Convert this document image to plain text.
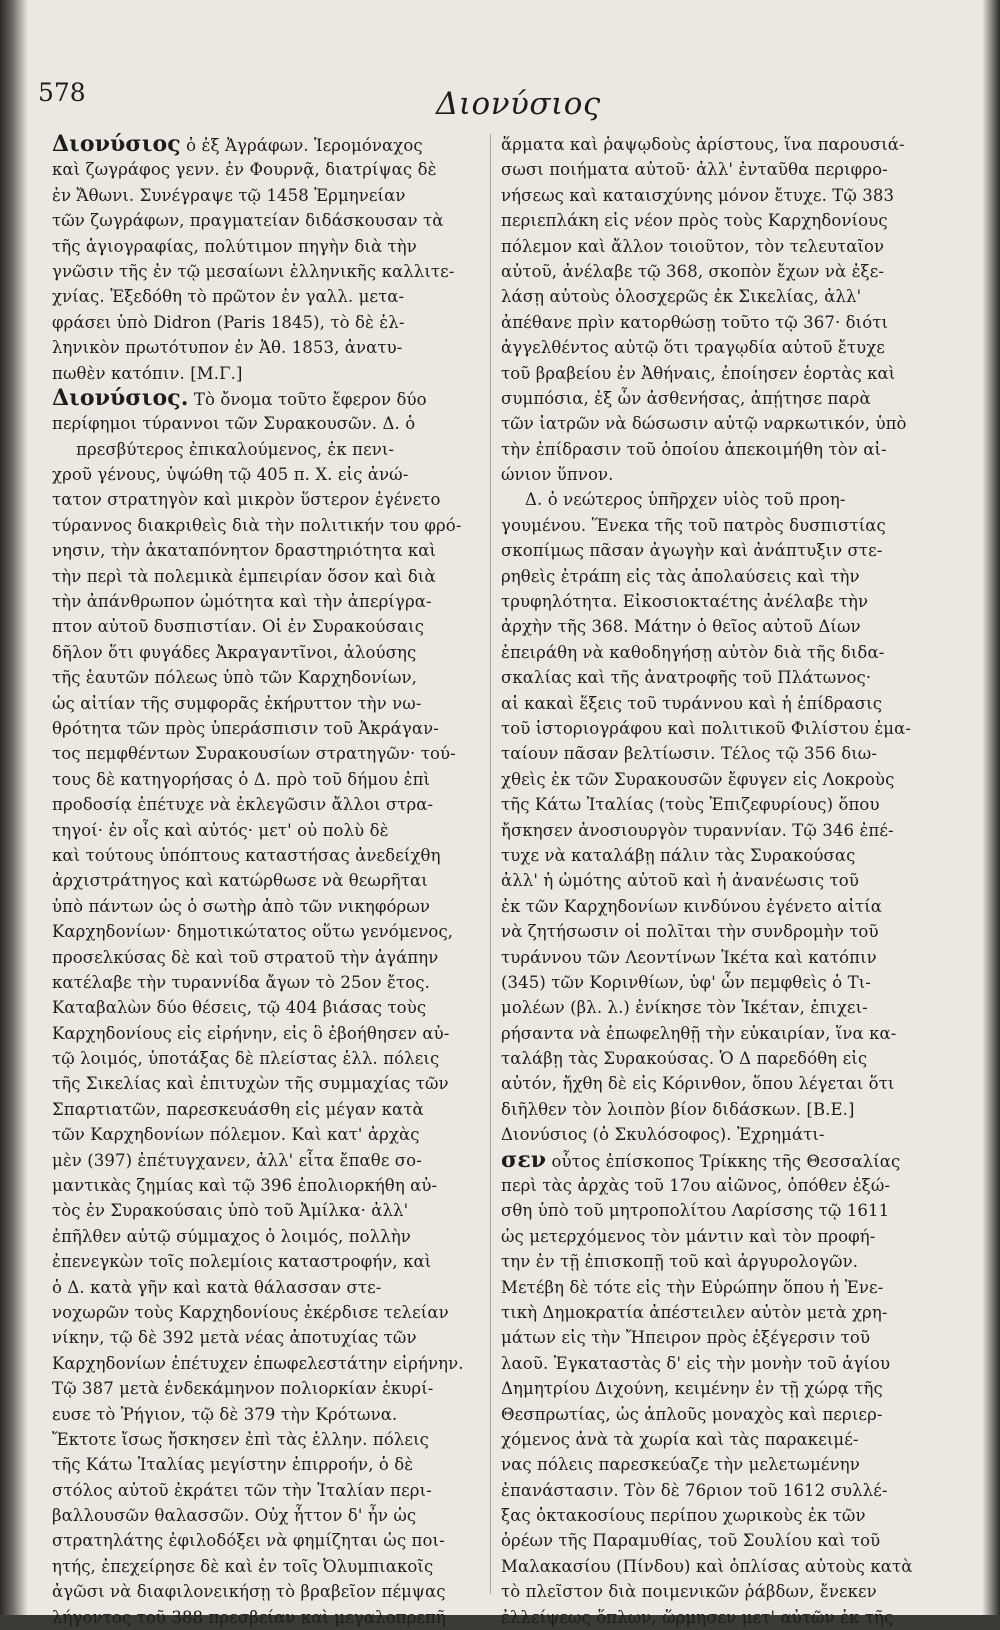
578	Διονύσιος
Διονύσιος ὁ ἐξ Ἀγράφων. Ἱερομόναχος
καὶ ζωγράφος γενν. ἐν Φουρνᾷ, διατρίψας δὲ
ἐν Ἄθωνι. Συνέγραψε τῷ 1458 Ἑρμηνείαν
τῶν ζωγράφων, πραγματείαν διδάσκουσαν τὰ
τῆς ἁγιογραφίας, πολύτιμον πηγὴν διὰ τὴν
γνῶσιν τῆς ἐν τῷ μεσαίωνι ἑλληνικῆς καλλιτε-
χνίας. Ἐξεδόθη τὸ πρῶτον ἐν γαλλ. μετα-
φράσει ὑπὸ Didron (Paris 1845), τὸ δὲ ἑλ-
ληνικὸν πρωτότυπον ἐν Ἀθ. 1853, ἀνατυ-
πωθὲν κατόπιν. [Μ.Γ.]
Διονύσιος. Τὸ ὄνομα τοῦτο ἔφερον δύο
περίφημοι τύραννοι τῶν Συρακουσῶν. Δ. ὁ
πρεσβύτερος ἐπικαλούμενος, ἐκ πενι-
χροῦ γένους, ὑψώθη τῷ 405 π. Χ. εἰς ἀνώ-
τατον στρατηγὸν καὶ μικρὸν ὕστερον ἐγένετο
τύραννος διακριθεὶς διὰ τὴν πολιτικήν του φρό-
νησιν, τὴν ἀκαταπόνητον δραστηριότητα καὶ
τὴν περὶ τὰ πολεμικὰ ἐμπειρίαν ὅσον καὶ διὰ
τὴν ἀπάνθρωπον ὠμότητα καὶ τὴν ἀπερίγρα-
πτον αὐτοῦ δυσπιστίαν. Οἱ ἐν Συρακούσαις
δῆλον ὅτι φυγάδες Ἀκραγαντῖνοι, ἀλούσης
τῆς ἑαυτῶν πόλεως ὑπὸ τῶν Καρχηδονίων,
ὡς αἰτίαν τῆς συμφορᾶς ἐκήρυττον τὴν νω-
θρότητα τῶν πρὸς ὑπεράσπισιν τοῦ Ἀκράγαν-
τος πεμφθέντων Συρακουσίων στρατηγῶν· τού-
τους δὲ κατηγορήσας ὁ Δ. πρὸ τοῦ δήμου ἐπὶ
προδοσίᾳ ἐπέτυχε νὰ ἐκλεγῶσιν ἄλλοι στρα-
τηγοί· ἐν οἷς καὶ αὐτός· μετ' οὐ πολὺ δὲ
καὶ τούτους ὑπόπτους καταστήσας ἀνεδείχθη
ἀρχιστράτηγος καὶ κατώρθωσε νὰ θεωρῆται
ὑπὸ πάντων ὡς ὁ σωτὴρ ἀπὸ τῶν νικηφόρων
Καρχηδονίων· δημοτικώτατος οὕτω γενόμενος,
προσελκύσας δὲ καὶ τοῦ στρατοῦ τὴν ἀγάπην
κατέλαβε τὴν τυραννίδα ἄγων τὸ 25ον ἔτος.
Καταβαλὼν δύο θέσεις, τῷ 404 βιάσας τοὺς
Καρχηδονίους εἰς εἰρήνην, εἰς ὃ ἐβοήθησεν αὐ-
τῷ λοιμός, ὑποτάξας δὲ πλείστας ἑλλ. πόλεις
τῆς Σικελίας καὶ ἐπιτυχὼν τῆς συμμαχίας τῶν
Σπαρτιατῶν, παρεσκευάσθη εἰς μέγαν κατὰ
τῶν Καρχηδονίων πόλεμον. Καὶ κατ' ἀρχὰς
μὲν (397) ἐπέτυγχανεν, ἀλλ' εἶτα ἔπαθε σο-
μαντικὰς ζημίας καὶ τῷ 396 ἐπολιορκήθη αὐ-
τὸς ἐν Συρακούσαις ὑπὸ τοῦ Ἀμίλκα· ἀλλ'
ἐπῆλθεν αὐτῷ σύμμαχος ὁ λοιμός, πολλὴν
ἐπενεγκὼν τοῖς πολεμίοις καταστροφήν, καὶ
ὁ Δ. κατὰ γῆν καὶ κατὰ θάλασσαν στε-
νοχωρῶν τοὺς Καρχηδονίους ἐκέρδισε τελείαν
νίκην, τῷ δὲ 392 μετὰ νέας ἀποτυχίας τῶν
Καρχηδονίων ἐπέτυχεν ἐπωφελεστάτην εἰρήνην.
Τῷ 387 μετὰ ἐνδεκάμηνον πολιορκίαν ἐκυρί-
ευσε τὸ Ῥήγιον, τῷ δὲ 379 τὴν Κρότωνα.
Ἔκτοτε ἴσως ἤσκησεν ἐπὶ τὰς ἑλλην. πόλεις
τῆς Κάτω Ἰταλίας μεγίστην ἐπιρροήν, ὁ δὲ
στόλος αὐτοῦ ἐκράτει τῶν τὴν Ἰταλίαν περι-
βαλλουσῶν θαλασσῶν. Οὐχ ἧττον δ' ἦν ὡς
στρατηλάτης ἐφιλοδόξει νὰ φημίζηται ὡς ποι-
ητής, ἐπεχείρησε δὲ καὶ ἐν τοῖς Ὀλυμπιακοῖς
ἀγῶσι νὰ διαφιλονεικήσῃ τὸ βραβεῖον πέμψας
λήγοντος τοῦ 388 πρεσβείαν καὶ μεγαλοπρεπῆ
ἅρματα καὶ ῥαψῳδοὺς ἀρίστους, ἵνα παρουσιά-
σωσι ποιήματα αὐτοῦ· ἀλλ' ἐνταῦθα περιφρο-
νήσεως καὶ καταισχύνης μόνον ἔτυχε. Τῷ 383
περιεπλάκη εἰς νέον πρὸς τοὺς Καρχηδονίους
πόλεμον καὶ ἄλλον τοιοῦτον, τὸν τελευταῖον
αὐτοῦ, ἀνέλαβε τῷ 368, σκοπὸν ἔχων νὰ ἐξε-
λάσῃ αὐτοὺς ὁλοσχερῶς ἐκ Σικελίας, ἀλλ'
ἀπέθανε πρὶν κατορθώσῃ τοῦτο τῷ 367· διότι
ἀγγελθέντος αὐτῷ ὅτι τραγῳδία αὐτοῦ ἔτυχε
τοῦ βραβείου ἐν Ἀθήναις, ἐποίησεν ἑορτὰς καὶ
συμπόσια, ἐξ ὧν ἀσθενήσας, ἀπῄτησε παρὰ
τῶν ἰατρῶν νὰ δώσωσιν αὐτῷ ναρκωτικόν, ὑπὸ
τὴν ἐπίδρασιν τοῦ ὁποίου ἀπεκοιμήθη τὸν αἰ-
ώνιον ὕπνον.
Δ. ὁ νεώτερος ὑπῆρχεν υἱὸς τοῦ προη-
γουμένου. Ἕνεκα τῆς τοῦ πατρὸς δυσπιστίας
σκοπίμως πᾶσαν ἀγωγὴν καὶ ἀνάπτυξιν στε-
ρηθεὶς ἐτράπη εἰς τὰς ἀπολαύσεις καὶ τὴν
τρυφηλότητα. Εἰκοσιοκταέτης ἀνέλαβε τὴν
ἀρχὴν τῆς 368. Μάτην ὁ θεῖος αὐτοῦ Δίων
ἐπειράθη νὰ καθοδηγήσῃ αὐτὸν διὰ τῆς διδα-
σκαλίας καὶ τῆς ἀνατροφῆς τοῦ Πλάτωνος·
αἱ κακαὶ ἕξεις τοῦ τυράννου καὶ ἡ ἐπίδρασις
τοῦ ἱστοριογράφου καὶ πολιτικοῦ Φιλίστου ἐμα-
ταίουν πᾶσαν βελτίωσιν. Τέλος τῷ 356 διω-
χθεὶς ἐκ τῶν Συρακουσῶν ἔφυγεν εἰς Λοκροὺς
τῆς Κάτω Ἰταλίας (τοὺς Ἐπιζεφυρίους) ὅπου
ἤσκησεν ἀνοσιουργὸν τυραννίαν. Τῷ 346 ἐπέ-
τυχε νὰ καταλάβῃ πάλιν τὰς Συρακούσας
ἀλλ' ἡ ὠμότης αὐτοῦ καὶ ἡ ἀνανέωσις τοῦ
ἐκ τῶν Καρχηδονίων κινδύνου ἐγένετο αἰτία
νὰ ζητήσωσιν οἱ πολῖται τὴν συνδρομὴν τοῦ
τυράννου τῶν Λεοντίνων Ἱκέτα καὶ κατόπιν
(345) τῶν Κορινθίων, ὑφ' ὧν πεμφθεὶς ὁ Τι-
μολέων (βλ. λ.) ἐνίκησε τὸν Ἱκέταν, ἐπιχει-
ρήσαντα νὰ ἐπωφεληθῇ τὴν εὐκαιρίαν, ἵνα κα-
ταλάβῃ τὰς Συρακούσας. Ὁ Δ παρεδόθη εἰς
αὐτόν, ἤχθη δὲ εἰς Κόρινθον, ὅπου λέγεται ὅτι
διῆλθεν τὸν λοιπὸν βίον διδάσκων. [Β.Ε.]
Διονύσιος (ὁ Σκυλόσοφος). Ἐχρημάτι-
σεν οὗτος ἐπίσκοπος Τρίκκης τῆς Θεσσαλίας
περὶ τὰς ἀρχὰς τοῦ 17ου αἰῶνος, ὁπόθεν ἐξώ-
σθη ὑπὸ τοῦ μητροπολίτου Λαρίσσης τῷ 1611
ὡς μετερχόμενος τὸν μάντιν καὶ τὸν προφή-
την ἐν τῇ ἐπισκοπῇ τοῦ καὶ ἀργυρολογῶν.
Μετέβη δὲ τότε εἰς τὴν Εὐρώπην ὅπου ἡ Ἐνε-
τικὴ Δημοκρατία ἀπέστειλεν αὐτὸν μετὰ χρη-
μάτων εἰς τὴν Ἤπειρον πρὸς ἐξέγερσιν τοῦ
λαοῦ. Ἐγκαταστὰς δ' εἰς τὴν μονὴν τοῦ ἁγίου
Δημητρίου Διχούνη, κειμένην ἐν τῇ χώρᾳ τῆς
Θεσπρωτίας, ὡς ἁπλοῦς μοναχὸς καὶ περιερ-
χόμενος ἀνὰ τὰ χωρία καὶ τὰς παρακειμέ-
νας πόλεις παρεσκεύαζε τὴν μελετωμένην
ἐπανάστασιν. Τὸν δὲ 76ριον τοῦ 1612 συλλέ-
ξας ὀκτακοσίους περίπου χωρικοὺς ἐκ τῶν
ὀρέων τῆς Παραμυθίας, τοῦ Σουλίου καὶ τοῦ
Μαλακασίου (Πίνδου) καὶ ὁπλίσας αὐτοὺς κατὰ
τὸ πλεῖστον διὰ ποιμενικῶν ῥάβδων, ἔνεκεν
ἐλλείψεως ὅπλων, ὥρμησεν μετ' αὐτῶν ἐκ τῆς
